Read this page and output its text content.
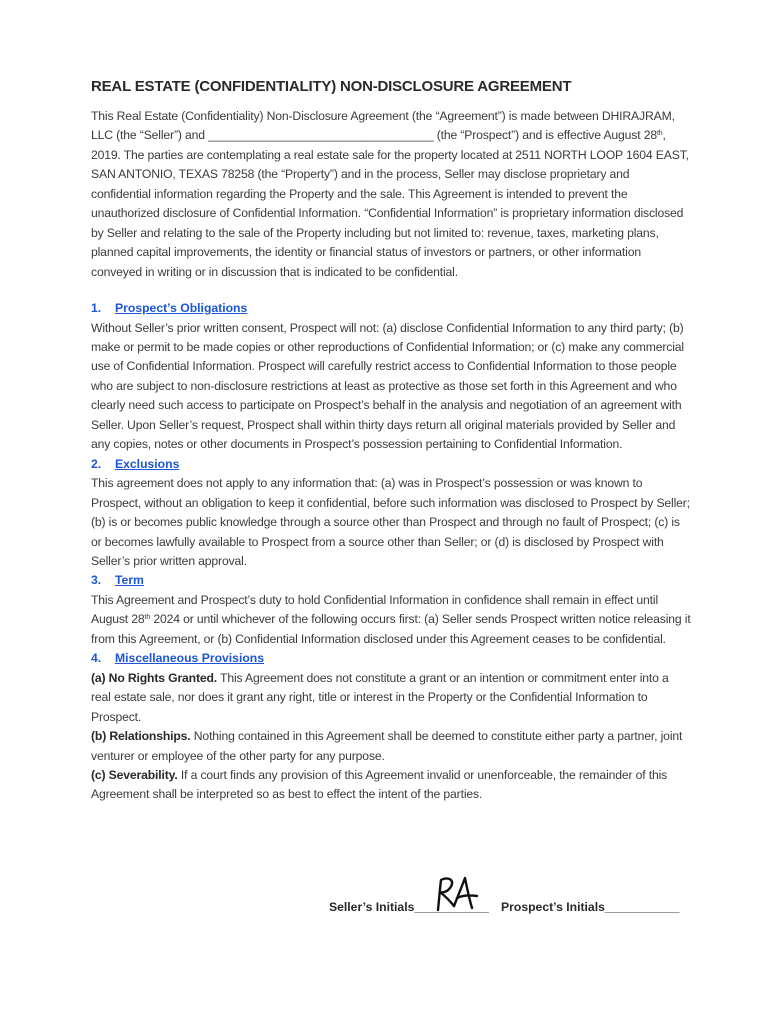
REAL ESTATE (CONFIDENTIALITY) NON-DISCLOSURE AGREEMENT

This Real Estate (Confidentiality) Non-Disclosure Agreement (the “Agreement”) is made between DHIRAJRAM, LLC (the “Seller”) and __________________________________ (the “Prospect”) and is effective August 28th, 2019. The parties are contemplating a real estate sale for the property located at 2511 NORTH LOOP 1604 EAST, SAN ANTONIO, TEXAS 78258 (the “Property”) and in the process, Seller may disclose proprietary and confidential information regarding the Property and the sale. This Agreement is intended to prevent the unauthorized disclosure of Confidential Information. “Confidential Information” is proprietary information disclosed by Seller and relating to the sale of the Property including but not limited to: revenue, taxes, marketing plans, planned capital improvements, the identity or financial status of investors or partners, or other information conveyed in writing or in discussion that is indicated to be confidential.

1. Prospect’s Obligations

Without Seller’s prior written consent, Prospect will not: (a) disclose Confidential Information to any third party; (b) make or permit to be made copies or other reproductions of Confidential Information; or (c) make any commercial use of Confidential Information. Prospect will carefully restrict access to Confidential Information to those people who are subject to non-disclosure restrictions at least as protective as those set forth in this Agreement and who clearly need such access to participate on Prospect’s behalf in the analysis and negotiation of an agreement with Seller. Upon Seller’s request, Prospect shall within thirty days return all original materials provided by Seller and any copies, notes or other documents in Prospect’s possession pertaining to Confidential Information.

2. Exclusions

This agreement does not apply to any information that: (a) was in Prospect’s possession or was known to Prospect, without an obligation to keep it confidential, before such information was disclosed to Prospect by Seller; (b) is or becomes public knowledge through a source other than Prospect and through no fault of Prospect; (c) is or becomes lawfully available to Prospect from a source other than Seller; or (d) is disclosed by Prospect with Seller’s prior written approval.

3. Term

This Agreement and Prospect’s duty to hold Confidential Information in confidence shall remain in effect until August 28th 2024 or until whichever of the following occurs first: (a) Seller sends Prospect written notice releasing it from this Agreement, or (b) Confidential Information disclosed under this Agreement ceases to be confidential.

4. Miscellaneous Provisions

(a) No Rights Granted. This Agreement does not constitute a grant or an intention or commitment enter into a real estate sale, nor does it grant any right, title or interest in the Property or the Confidential Information to Prospect.

(b) Relationships. Nothing contained in this Agreement shall be deemed to constitute either party a partner, joint venturer or employee of the other party for any purpose.

(c) Severability. If a court finds any provision of this Agreement invalid or unenforceable, the remainder of this Agreement shall be interpreted so as best to effect the intent of the parties.

Seller’s Initials___________ Prospect’s Initials___________
